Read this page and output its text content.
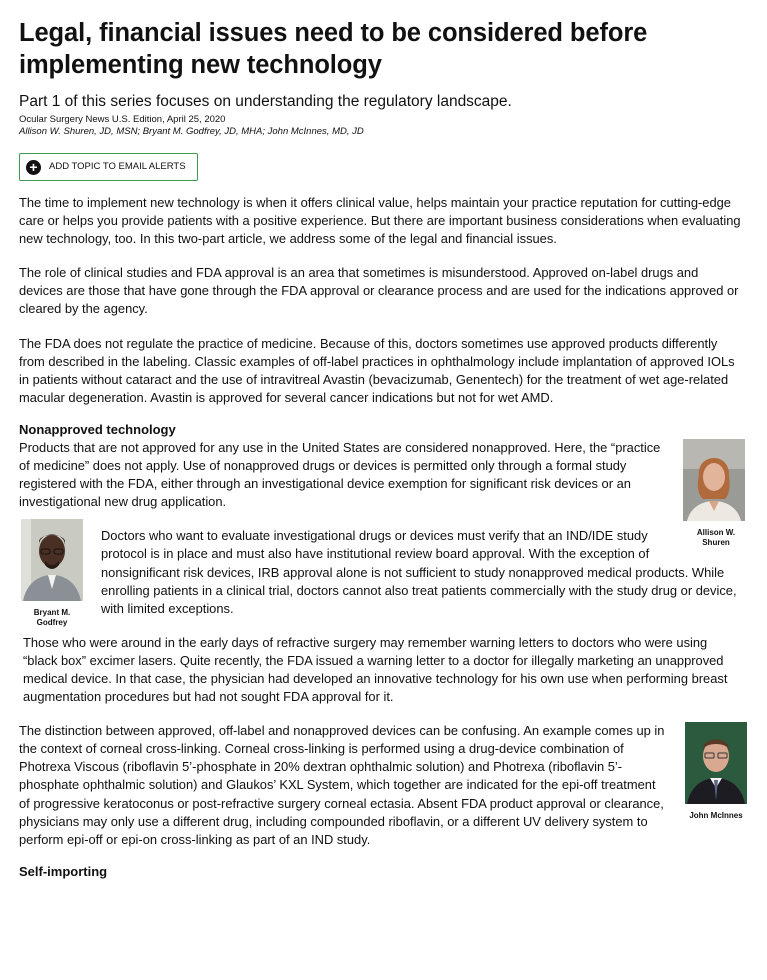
Legal, financial issues need to be considered before implementing new technology
Part 1 of this series focuses on understanding the regulatory landscape.
Ocular Surgery News U.S. Edition, April 25, 2020
Allison W. Shuren, JD, MSN; Bryant M. Godfrey, JD, MHA; John McInnes, MD, JD
+	ADD TOPIC TO EMAIL ALERTS

The time to implement new technology is when it offers clinical value, helps maintain your practice reputation for cutting-edge care or helps you provide patients with a positive experience. But there are important business considerations when evaluating new technology, too. In this two-part article, we address some of the legal and financial issues.

The role of clinical studies and FDA approval is an area that sometimes is misunderstood. Approved on-label drugs and devices are those that have gone through the FDA approval or clearance process and are used for the indications approved or cleared by the agency.

The FDA does not regulate the practice of medicine. Because of this, doctors sometimes use approved products differently from described in the labeling. Classic examples of off-label practices in ophthalmology include implantation of approved IOLs in patients without cataract and the use of intravitreal Avastin (bevacizumab, Genentech) for the treatment of wet age-related macular degeneration. Avastin is approved for several cancer indications but not for wet AMD.

Nonapproved technology
Allison W. Shuren

Products that are not approved for any use in the United States are considered nonapproved. Here, the “practice of medicine” does not apply. Use of nonapproved drugs or devices is permitted only through a formal study registered with the FDA, either through an investigational device exemption for significant risk devices or an investigational new drug application.

Bryant M. Godfrey

Doctors who want to evaluate investigational drugs or devices must verify that an IND/IDE study protocol is in place and must also have institutional review board approval. With the exception of nonsignificant risk devices, IRB approval alone is not sufficient to study nonapproved medical products. While enrolling patients in a clinical trial, doctors cannot also treat patients commercially with the study drug or device, with limited exceptions.

Those who were around in the early days of refractive surgery may remember warning letters to doctors who were using “black box” excimer lasers. Quite recently, the FDA issued a warning letter to a doctor for illegally marketing an unapproved medical device. In that case, the physician had developed an innovative technology for his own use when performing breast augmentation procedures but had not sought FDA approval for it.

John McInnes

The distinction between approved, off-label and nonapproved devices can be confusing. An example comes up in the context of corneal cross-linking. Corneal cross-linking is performed using a drug-device combination of Photrexa Viscous (riboflavin 5’-phosphate in 20% dextran ophthalmic solution) and Photrexa (riboflavin 5’-phosphate ophthalmic solution) and Glaukos’ KXL System, which together are indicated for the epi-off treatment of progressive keratoconus or post-refractive surgery corneal ectasia. Absent FDA product approval or clearance, physicians may only use a different drug, including compounded riboflavin, or a different UV delivery system to perform epi-off or epi-on cross-linking as part of an IND study.

Self-importing
